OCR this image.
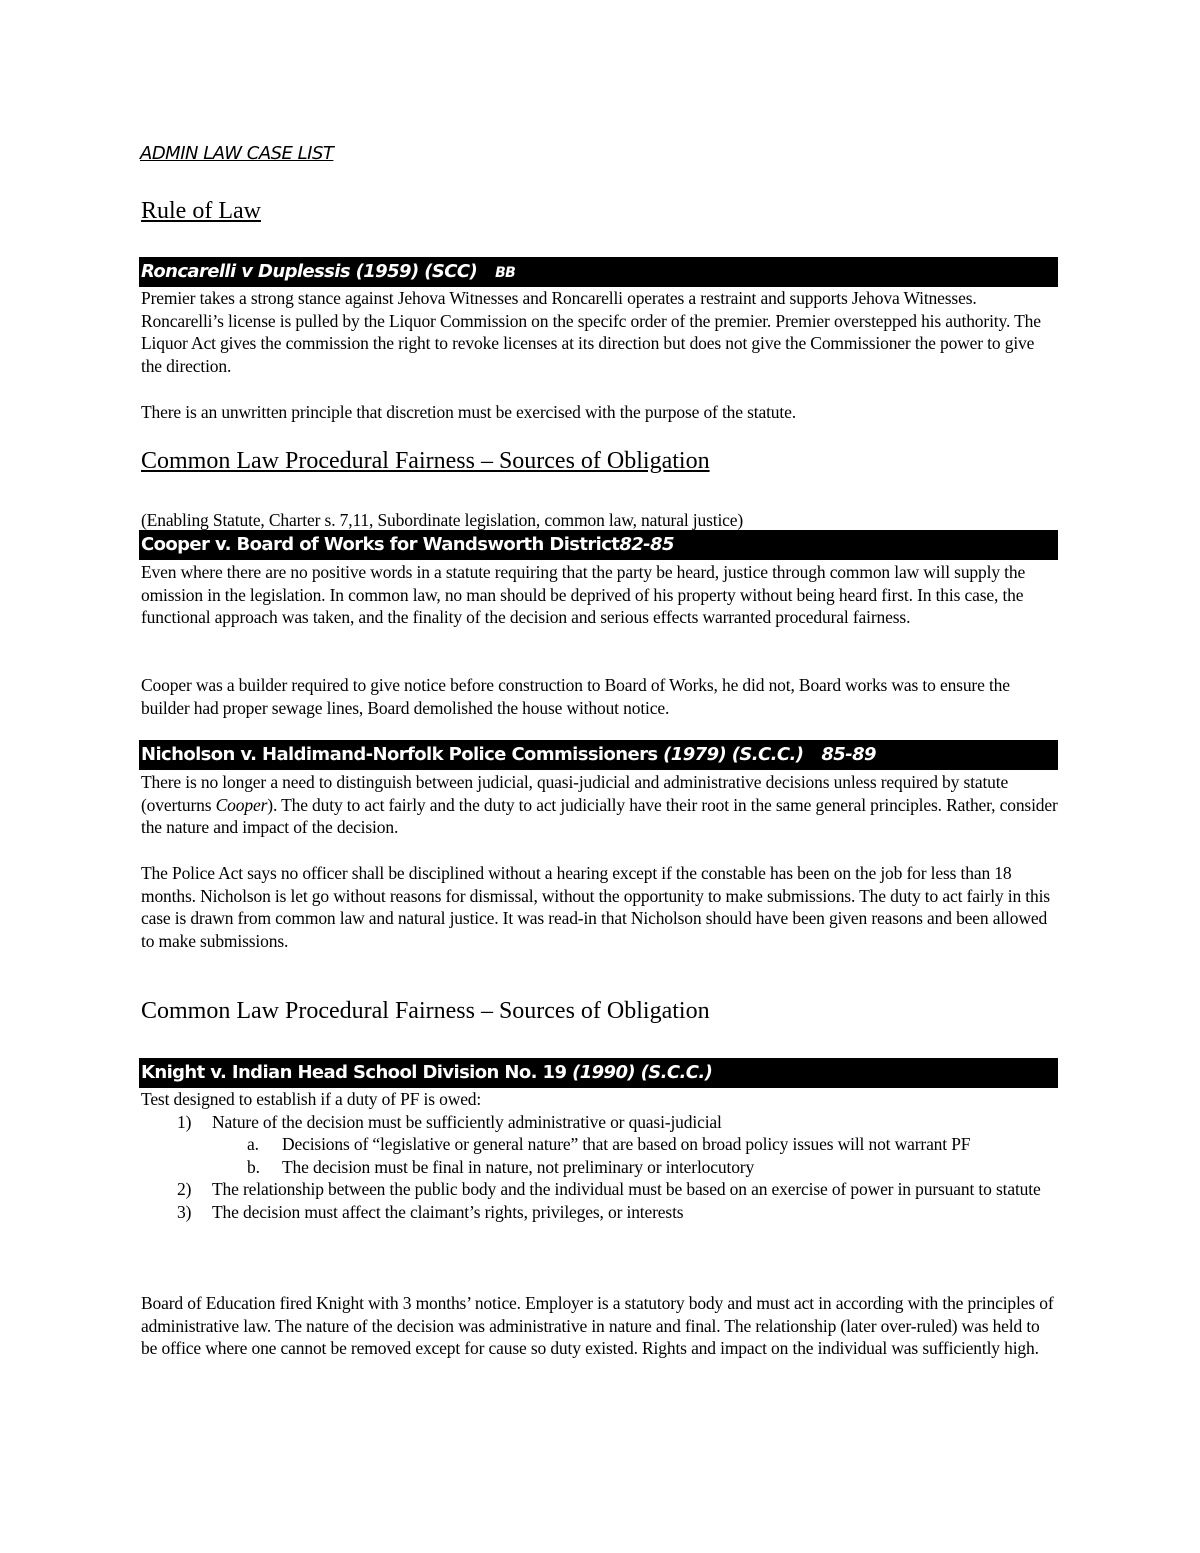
ADMIN LAW CASE LIST
Rule of Law
Roncarelli v Duplessis (1959) (SCC) BB

Premier takes a strong stance against Jehova Witnesses and Roncarelli operates a restraint and supports Jehova Witnesses. Roncarelli’s license is pulled by the Liquor Commission on the specifc order of the premier. Premier overstepped his authority. The Liquor Act gives the commission the right to revoke licenses at its direction but does not give the Commissioner the power to give the direction.

There is an unwritten principle that discretion must be exercised with the purpose of the statute.

Common Law Procedural Fairness – Sources of Obligation

(Enabling Statute, Charter s. 7,11, Subordinate legislation, common law, natural justice)

Cooper v. Board of Works for Wandsworth District82-85

Even where there are no positive words in a statute requiring that the party be heard, justice through common law will supply the omission in the legislation. In common law, no man should be deprived of his property without being heard first. In this case, the functional approach was taken, and the finality of the decision and serious effects warranted procedural fairness.

Cooper was a builder required to give notice before construction to Board of Works, he did not, Board works was to ensure the builder had proper sewage lines, Board demolished the house without notice.

Nicholson v. Haldimand-Norfolk Police Commissioners (1979) (S.C.C.) 85-89

There is no longer a need to distinguish between judicial, quasi-judicial and administrative decisions unless required by statute (overturns Cooper). The duty to act fairly and the duty to act judicially have their root in the same general principles. Rather, consider the nature and impact of the decision.

The Police Act says no officer shall be disciplined without a hearing except if the constable has been on the job for less than 18 months. Nicholson is let go without reasons for dismissal, without the opportunity to make submissions. The duty to act fairly in this case is drawn from common law and natural justice. It was read-in that Nicholson should have been given reasons and been allowed to make submissions.

Common Law Procedural Fairness – Sources of Obligation
Knight v. Indian Head School Division No. 19 (1990) (S.C.C.)
Test designed to establish if a duty of PF is owed:
1) Nature of the decision must be sufficiently administrative or quasi-judicial
a. Decisions of “legislative or general nature” that are based on broad policy issues will not warrant PF
b. The decision must be final in nature, not preliminary or interlocutory
2) The relationship between the public body and the individual must be based on an exercise of power in pursuant to statute
3) The decision must affect the claimant’s rights, privileges, or interests

Board of Education fired Knight with 3 months’ notice. Employer is a statutory body and must act in according with the principles of administrative law. The nature of the decision was administrative in nature and final. The relationship (later over-ruled) was held to be office where one cannot be removed except for cause so duty existed. Rights and impact on the individual was sufficiently high.
